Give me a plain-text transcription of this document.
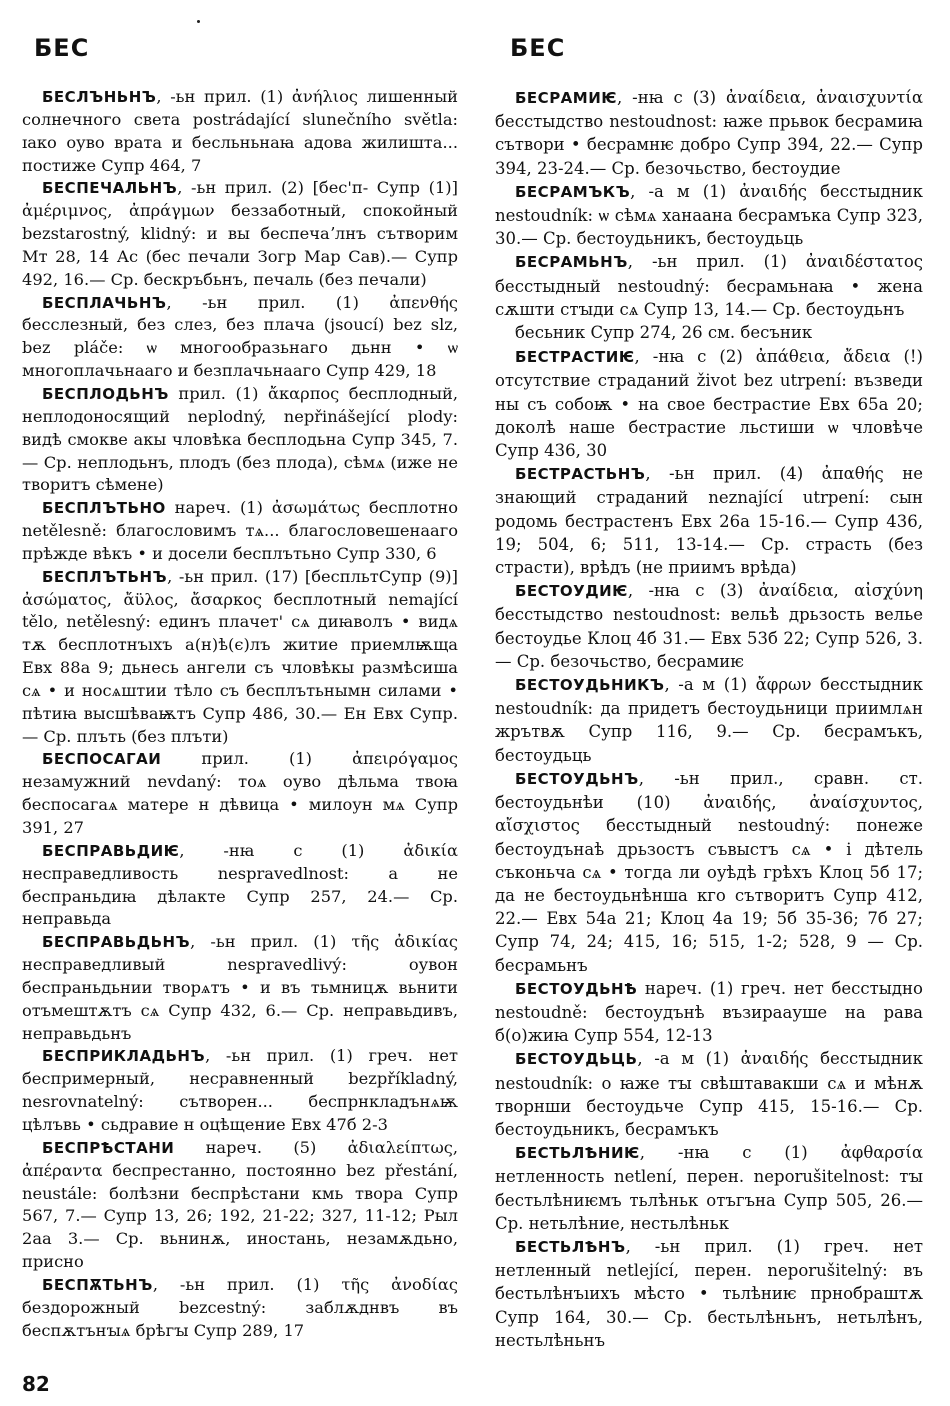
БЕС	БЕС

БЕСЛЪНЬНЪ, -ьн прил. (1) ἀνήλιος лишенный солнечного света postrádající slunečního světla: ɪако оуво врата и бесльньнаꙗ адова жилишта... постиже Супр 464, 7

БЕСПЕЧАЛЬНЪ, -ьн прил. (2) [бес'п- Супр (1)] ἀμέριμνος, ἀπράγμων беззаботный, спокойный bezstarostný, klidný: и вы беспечаʼлнъ сътворим Мт 28, 14 Ас (бес печали Зогр Мар Сав).— Супр 492, 16.— Ср. бескръбьнъ, печаль (без печали)

БЕСПЛАЧЬНЪ, -ьн прил. (1) ἀπενθής бесслезный, без слез, без плача (jsoucí) bez slz, bez pláče: ѡ многообразьнаго дьнн • ѡ многоплачьнааго и безплачьнааго Супр 429, 18

БЕСПЛОДЬНЪ прил. (1) ἄκαρπος бесплодный, неплодоносящий neplodný, nepřinášející plody: видѣ смокве акы чловѣка бесплодьна Супр 345, 7.— Ср. неплодьнъ, плодъ (без плода), сѣмѧ (иже не творитъ сѣмене)

БЕСПЛЪТЬНО нареч. (1) ἀσωμάτως бесплотно netělesně: благословимъ тѧ... благословешенааго прѣжде вѣкъ • и досели бесплътьно Супр 330, 6

БЕСПЛЪТЬНЪ, -ьн прил. (17) [беспльтСупр (9)] ἀσώματος, ἄϋλος, ἄσαρκος бесплотный nemající tělo, netělesný: единъ плачет' сѧ диꙗволъ • видѧ тѫ бесплотнъıхъ а(н)ѣ(є)лъ житие приемлѭща Евх 88а 9; дьнесь ангели съ чловѣкы размѣсиша сѧ • и носѧштии тѣло съ бесплътьнымн силами • пѣтиꙗ высшѣваѭтъ Супр 486, 30.— Ен Евх Супр.— Ср. плъть (без плъти)

БЕСПОСАГАИ прил. (1) ἀπειρόγαμος незамужний nevdaný: тоѧ оуво дѣльма твоꙗ беспосагаѧ матере н дѣвица • милоун мѧ Супр 391, 27

БЕСПРАВЬДИѤ, -нꙗ с (1) ἀδικία несправедливость nespravedlnost: а не беспраньдиꙗ дѣлакте Супр 257, 24.— Ср. неправьда

БЕСПРАВЬДЬНЪ, -ьн прил. (1) τῆς ἀδικίας несправедливый nespravedlivý: оувон беспраньдьнии творѧтъ • и въ тьмницѫ вьнити отъмештѫтъ сѧ Супр 432, 6.— Ср. неправьдивъ, неправьдьнъ

БЕСПРИКЛАДЬНЪ, -ьн прил. (1) греч. нет беспримерный, несравненный bezpříkladný, nesrovnatelný: сътворен... беспрнкладънѧѭ цѣлъвь • сьдравие н оцѣщение Евх 47б 2-3

БЕСПРѢСТАНИ нареч. (5) ἀδιαλείπτως, ἀπέραντα беспрестанно, постоянно bez přestání, neustále: болѣзни беспрѣстани кмь твора Супр 567, 7.— Супр 13, 26; 192, 21-22; 327, 11-12; Рыл 2аа 3.— Ср. вьнинѫ, иностань, незамѫдьно, присно

БЕСПѪТЬНЪ, -ьн прил. (1) τῆς ἀνοδίας бездорожный bezcestný: заблѫднвъ въ беспѫтънꙑѧ брѣгꙑ Супр 289, 17

БЕСРАМИѤ, -нꙗ с (3) ἀναίδεια, ἀναισχυντία бесстыдство nestoudnost: ꙗже прьвок беcрамиꙗ сътвори • бесрамнѥ добро Супр 394, 22.— Супр 394, 23-24.— Ср. безочьство, бестоудие

БЕСРАМЪКЪ, -а м (1) ἀναιδής бесстыдник nestoudník: ѡ сѣмѧ ханаана бесрамъка Супр 323, 30.— Ср. бестоудьникъ, бестоудьць

БЕСРАМЬНЪ, -ьн прил. (1) ἀναιδέστατος бесстыдный nestoudný: бесрамьнаꙗ • жена сѫшти стꙑди сѧ Супр 13, 14.— Ср. бестоудьнъ

бесьник Супр 274, 26 см. бесъник

БЕСТРАСТИѤ, -нꙗ с (2) ἀπάθεια, ἄδεια (!) отсутствие страданий život bez utrpení: възведи ны съ собоѭ • на свое бестрастие Евх 65а 20; доколѣ наше бестрастие льстиши ѡ чловѣче Супр 436, 30

БЕСТРАСТЬНЪ, -ьн прил. (4) ἀπαθής не знающий страданий neznající utrpení: сын родомь бестрастенъ Евх 26а 15-16.— Супр 436, 19; 504, 6; 511, 13-14.— Ср. страсть (без страсти), врѣдъ (не приимъ врѣда)

БЕСТОУДИѤ, -нꙗ с (3) ἀναίδεια, αἰσχύνη бесстыдство nestoudnost: вельѣ дрьзость велье бестоудье Клоц 4б 31.— Евх 53б 22; Супр 526, 3.— Ср. безочьство, бесрамиѥ

БЕСТОУДЬНИКЪ, -а м (1) ἄφρων бесстыдник nestoudník: да придетъ бестоудьници приимлѧн жрътвѫ Супр 116, 9.— Ср. бесрамъкъ, бестоудьць

БЕСТОУДЬНЪ, -ьн прил., сравн. ст. бестоудьнѣи (10) ἀναιδής, ἀναίσχυντος, αἴσχιστος бесстыдный nestoudný: понеже бестоудънаѣ дрьзостъ съвыстъ сѧ • і дѣтель съконьча сѧ • тогда ли оуѣдѣ грѣхъ Клоц 5б 17; да не бестоудьнѣнша кго сътворитъ Супр 412, 22.— Евх 54а 21; Клоц 4а 19; 5б 35-36; 7б 27; Супр 74, 24; 415, 16; 515, 1-2; 528, 9 — Ср. бесрамьнъ

БЕСТОУДЬНѢ нареч. (1) греч. нет бесстыдно nestoudně: бестоудънѣ възираауше на рава б(о)жиꙗ Супр 554, 12-13

БЕСТОУДЬЦЬ, -а м (1) ἀναιδής бесстыдник nestoudník: о ꙗже тꙑ свѣштавакши сѧ и мѣнѫ творнши бестоудьче Супр 415, 15-16.— Ср. бестоудьникъ, бесрамъкъ

БЕСТЬЛѢНИѤ, -нꙗ с (1) ἀφθαρσία нетленность netlení, перен. neporušitelnost: тꙑ бестьлѣниѥмъ тьлѣньк отъгъна Супр 505, 26.— Ср. нетьлѣние, нестьлѣньк

БЕСТЬЛѢНЪ, -ьн прил. (1) греч. нет нетленный netlející, перен. neporušitelný: въ бестьлѣнъıихъ мѣсто • тьлѣниѥ прнобраштѫ Супр 164, 30.— Ср. бестьлѣньнъ, нетьлѣнъ, нестьлѣньнъ

82
